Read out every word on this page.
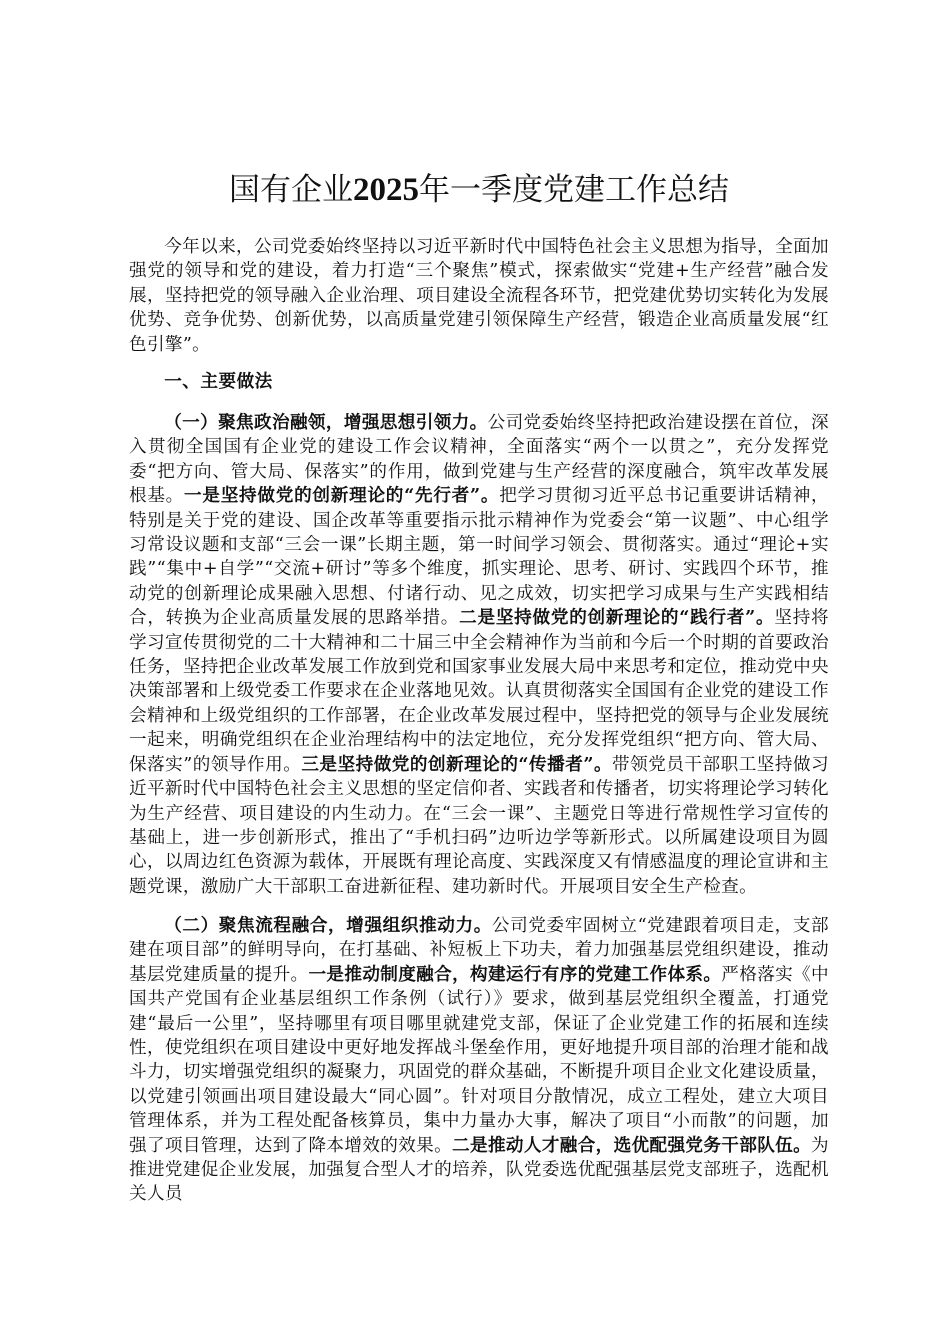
国有企业2025年一季度党建工作总结

今年以来，公司党委始终坚持以习近平新时代中国特色社会主义思想为指导，全面加强党的领导和党的建设，着力打造“三个聚焦”模式，探索做实“党建+生产经营”融合发展，坚持把党的领导融入企业治理、项目建设全流程各环节，把党建优势切实转化为发展优势、竞争优势、创新优势，以高质量党建引领保障生产经营，锻造企业高质量发展“红色引擎”。

一、主要做法

（一）聚焦政治融领，增强思想引领力。公司党委始终坚持把政治建设摆在首位，深入贯彻全国国有企业党的建设工作会议精神，全面落实“两个一以贯之”，充分发挥党委“把方向、管大局、保落实”的作用，做到党建与生产经营的深度融合，筑牢改革发展根基。一是坚持做党的创新理论的“先行者”。把学习贯彻习近平总书记重要讲话精神，特别是关于党的建设、国企改革等重要指示批示精神作为党委会“第一议题”、中心组学习常设议题和支部“三会一课”长期主题，第一时间学习领会、贯彻落实。通过“理论+实践”“集中+自学”“交流+研讨”等多个维度，抓实理论、思考、研讨、实践四个环节，推动党的创新理论成果融入思想、付诸行动、见之成效，切实把学习成果与生产实践相结合，转换为企业高质量发展的思路举措。二是坚持做党的创新理论的“践行者”。坚持将学习宣传贯彻党的二十大精神和二十届三中全会精神作为当前和今后一个时期的首要政治任务，坚持把企业改革发展工作放到党和国家事业发展大局中来思考和定位，推动党中央决策部署和上级党委工作要求在企业落地见效。认真贯彻落实全国国有企业党的建设工作会精神和上级党组织的工作部署，在企业改革发展过程中，坚持把党的领导与企业发展统一起来，明确党组织在企业治理结构中的法定地位，充分发挥党组织“把方向、管大局、保落实”的领导作用。三是坚持做党的创新理论的“传播者”。带领党员干部职工坚持做习近平新时代中国特色社会主义思想的坚定信仰者、实践者和传播者，切实将理论学习转化为生产经营、项目建设的内生动力。在“三会一课”、主题党日等进行常规性学习宣传的基础上，进一步创新形式，推出了“手机扫码”边听边学等新形式。以所属建设项目为圆心，以周边红色资源为载体，开展既有理论高度、实践深度又有情感温度的理论宣讲和主题党课，激励广大干部职工奋进新征程、建功新时代。开展项目安全生产检查。

（二）聚焦流程融合，增强组织推动力。公司党委牢固树立“党建跟着项目走，支部建在项目部”的鲜明导向，在打基础、补短板上下功夫，着力加强基层党组织建设，推动基层党建质量的提升。一是推动制度融合，构建运行有序的党建工作体系。严格落实《中国共产党国有企业基层组织工作条例（试行）》要求，做到基层党组织全覆盖，打通党建“最后一公里”，坚持哪里有项目哪里就建党支部，保证了企业党建工作的拓展和连续性，使党组织在项目建设中更好地发挥战斗堡垒作用，更好地提升项目部的治理才能和战斗力，切实增强党组织的凝聚力，巩固党的群众基础，不断提升项目企业文化建设质量，以党建引领画出项目建设最大“同心圆”。针对项目分散情况，成立工程处，建立大项目管理体系，并为工程处配备核算员，集中力量办大事，解决了项目“小而散”的问题，加强了项目管理，达到了降本增效的效果。二是推动人才融合，选优配强党务干部队伍。为推进党建促企业发展，加强复合型人才的培养，队党委选优配强基层党支部班子，选配机关人员
